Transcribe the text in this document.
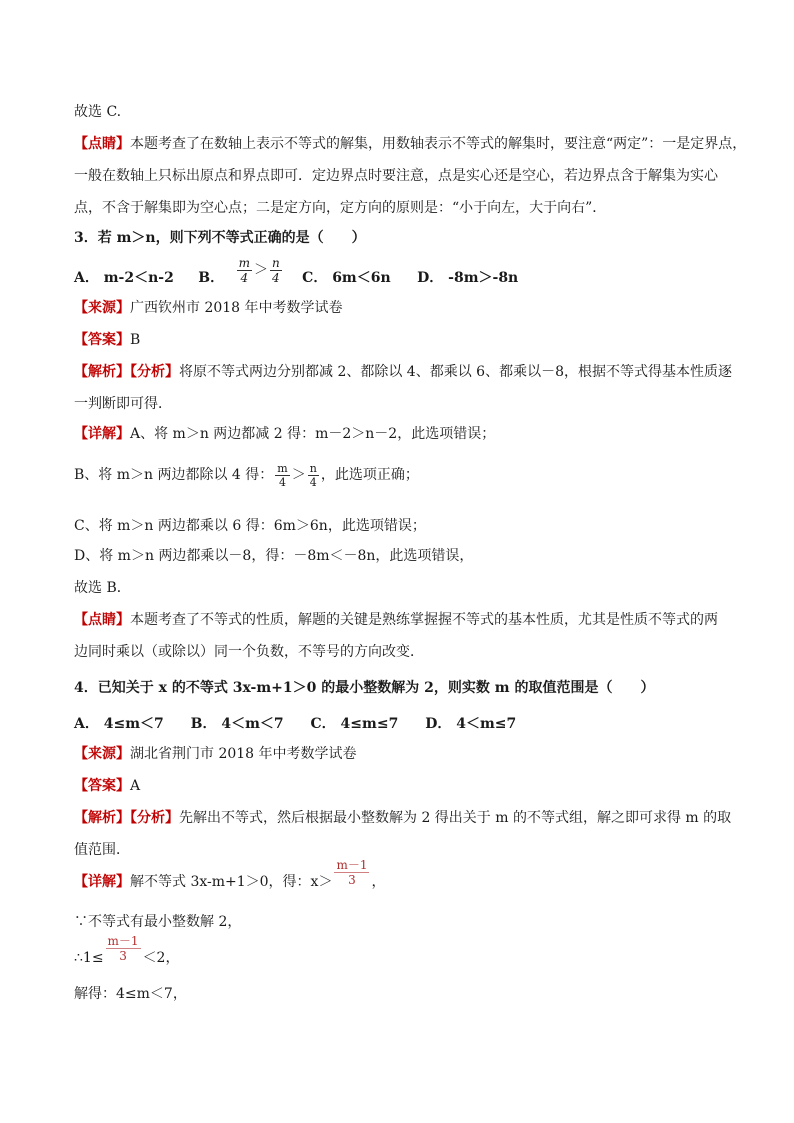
故选 C.
【点睛】本题考查了在数轴上表示不等式的解集，用数轴表示不等式的解集时，要注意“两定”：一是定界点，
一般在数轴上只标出原点和界点即可．定边界点时要注意，点是实心还是空心，若边界点含于解集为实心
点，不含于解集即为空心点；二是定方向，定方向的原则是：“小于向左，大于向右”．
3．若 m＞n，则下列不等式正确的是（　　）
A． m-2＜n-2 B． $\frac{m}{4} > \frac{n}{4}$ C． 6m＜6n D． -8m＞-8n
【来源】广西钦州市 2018 年中考数学试卷
【答案】B
【解析】【分析】将原不等式两边分别都减 2、都除以 4、都乘以 6、都乘以－8，根据不等式得基本性质逐
一判断即可得．
【详解】A、将 m＞n 两边都减 2 得：m－2＞n－2，此选项错误；
B、将 m＞n 两边都除以 4 得： $\frac{m}{4} > \frac{n}{4}$ ，此选项正确；
C、将 m＞n 两边都乘以 6 得：6m＞6n，此选项错误；
D、将 m＞n 两边都乘以－8，得：－8m＜－8n，此选项错误，
故选 B．
【点睛】本题考查了不等式的性质，解题的关键是熟练掌握握不等式的基本性质，尤其是性质不等式的两
边同时乘以（或除以）同一个负数，不等号的方向改变．
4．已知关于 x 的不等式 3x-m+1＞0 的最小整数解为 2，则实数 m 的取值范围是（　　）
A． 4≤m＜7 B． 4＜m＜7 C． 4≤m≤7 D． 4＜m≤7
【来源】湖北省荆门市 2018 年中考数学试卷
【答案】A
【解析】【分析】先解出不等式，然后根据最小整数解为 2 得出关于 m 的不等式组，解之即可求得 m 的取
值范围．
【详解】解不等式 3x-m+1＞0，得：$x> \frac{m-1}{3}$ ，
∵不等式有最小整数解 2，
∴1≤ $\frac{m-1}{3} <2$，
解得：4≤m＜7，
